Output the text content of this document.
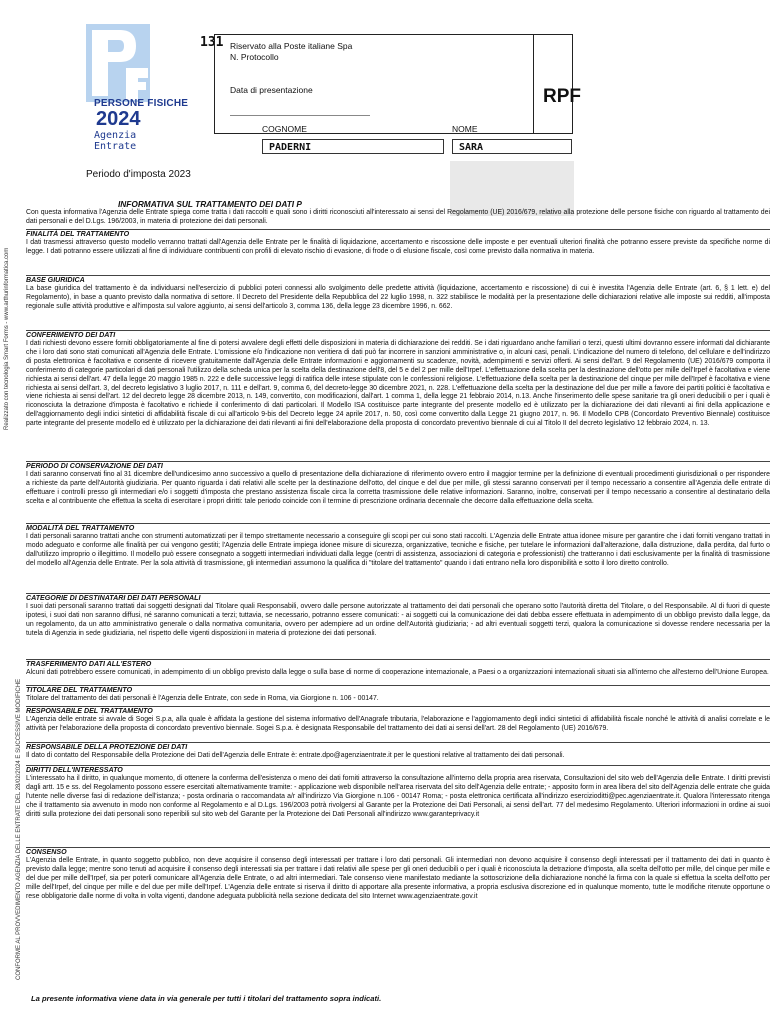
PERSONE FISICHE
2024
Agenzia
Entrate
131 Riservato alla Poste italiane Spa
N. Protocollo
Data di presentazione	RPF
COGNOME	NOME
PADERNI	SARA
Periodo d'imposta 2023
INFORMATIVA SUL TRATTAMENTO DEI DATI P
Con questa informativa l'Agenzia delle Entrate spiega come tratta i dati raccolti e quali sono i diritti riconosciuti all'interessato ai sensi del Regolamento (UE) 2016/679, relativo alla protezione delle persone fisiche con riguardo al trattamento dei dati personali e del D.Lgs. 196/2003, in materia di protezione dei dati personali.
FINALITÀ DEL TRATTAMENTO
I dati trasmessi attraverso questo modello verranno trattati dall'Agenzia delle Entrate per le finalità di liquidazione, accertamento e riscossione delle imposte e per eventuali ulteriori finalità che potranno essere previste da specifiche norme di legge. I dati potranno essere utilizzati al fine di individuare contribuenti con profili di elevato rischio di evasione, di frode o di elusione fiscale, così come previsto dalla normativa in materia.
BASE GIURIDICA
La base giuridica del trattamento è da individuarsi nell'esercizio di pubblici poteri connessi allo svolgimento delle predette attività (liquidazione, accertamento e riscossione) di cui è investita l'Agenzia delle Entrate (art. 6, § 1 lett. e) del Regolamento), in base a quanto previsto dalla normativa di settore. Il Decreto del Presidente della Repubblica del 22 luglio 1998, n. 322 stabilisce le modalità per la presentazione delle dichiarazioni relative alle imposte sui redditi, all'imposta regionale sulle attività produttive e all'imposta sul valore aggiunto, ai sensi dell'articolo 3, comma 136, della legge 23 dicembre 1996, n. 662.
CONFERIMENTO DEI DATI
I dati richiesti devono essere forniti obbligatoriamente al fine di potersi avvalere degli effetti delle disposizioni in materia di dichiarazione dei redditi. Se i dati riguardano anche familiari o terzi, questi ultimi dovranno essere informati dal dichiarante che i loro dati sono stati comunicati all'Agenzia delle Entrate. L'omissione e/o l'indicazione non veritiera di dati può far incorrere in sanzioni amministrative o, in alcuni casi, penali. L'indicazione del numero di telefono, del cellulare e dell'indirizzo di posta elettronica è facoltativa e consente di ricevere gratuitamente dall'Agenzia delle Entrate informazioni e aggiornamenti su scadenze, novità, adempimenti e servizi offerti. Ai sensi dell'art. 9 del Regolamento (UE) 2016/679 comporta il conferimento di categorie particolari di dati personali l'utilizzo della scheda unica per la scelta della destinazione dell'8, del 5 e del 2 per mille dell'Irpef. L'effettuazione della scelta per la destinazione dell'otto per mille dell'Irpef è facoltativa e viene richiesta ai sensi dell'art. 47 della legge 20 maggio 1985 n. 222 e delle successive leggi di ratifica delle intese stipulate con le confessioni religiose. L'effettuazione della scelta per la destinazione del cinque per mille dell'Irpef è facoltativa e viene richiesta ai sensi dell'art. 3, del decreto legislativo 3 luglio 2017, n. 111 e dell'art. 9, comma 6, del decreto-legge 30 dicembre 2021, n. 228. L'effettuazione della scelta per la destinazione del due per mille a favore dei partiti politici è facoltativa e viene richiesta ai sensi dell'art. 12 del decreto legge 28 dicembre 2013, n. 149, convertito, con modificazioni, dall'art. 1 comma 1, della legge 21 febbraio 2014, n.13. Anche l'inserimento delle spese sanitarie tra gli oneri deducibili o per i quali è riconosciuta la detrazione d'imposta è facoltativo e richiede il conferimento di dati particolari. Il Modello ISA costituisce parte integrante del presente modello ed è utilizzato per la dichiarazione dei dati rilevanti ai fini della applicazione e dell'aggiornamento degli indici sintetici di affidabilità fiscale di cui all'articolo 9-bis del Decreto legge 24 aprile 2017, n. 50, così come convertito dalla Legge 21 giugno 2017, n. 96. Il Modello CPB (Concordato Preventivo Biennale) costituisce parte integrante del presente modello ed è utilizzato per la dichiarazione dei dati rilevanti ai fini dell'elaborazione della proposta di concordato preventivo biennale di cui al Titolo II del decreto legislativo 12 febbraio 2024, n. 13.
PERIODO DI CONSERVAZIONE DEI DATI
I dati saranno conservati fino al 31 dicembre dell'undicesimo anno successivo a quello di presentazione della dichiarazione di riferimento ovvero entro il maggior termine per la definizione di eventuali procedimenti giurisdizionali o per rispondere a richieste da parte dell'Autorità giudiziaria. Per quanto riguarda i dati relativi alle scelte per la destinazione dell'otto, del cinque e del due per mille, gli stessi saranno conservati per il tempo necessario a consentire all'Agenzia delle entrate di effettuare i controlli presso gli intermediari e/o i soggetti d'imposta che prestano assistenza fiscale circa la corretta trasmissione delle relative informazioni. Saranno, inoltre, conservati per il tempo necessario a consentire al destinatario della scelta e al contribuente che effettua la scelta di esercitare i propri diritti: tale periodo coincide con il termine di prescrizione ordinaria decennale che decorre dalla effettuazione della scelta.
MODALITÀ DEL TRATTAMENTO
I dati personali saranno trattati anche con strumenti automatizzati per il tempo strettamente necessario a conseguire gli scopi per cui sono stati raccolti. L'Agenzia delle Entrate attua idonee misure per garantire che i dati forniti vengano trattati in modo adeguato e conforme alle finalità per cui vengono gestiti; l'Agenzia delle Entrate impiega idonee misure di sicurezza, organizzative, tecniche e fisiche, per tutelare le informazioni dall'alterazione, dalla distruzione, dalla perdita, dal furto o dall'utilizzo improprio o illegittimo. Il modello può essere consegnato a soggetti intermediari individuati dalla legge (centri di assistenza, associazioni di categoria e professionisti) che tratteranno i dati esclusivamente per la finalità di trasmissione del modello all'Agenzia delle Entrate. Per la sola attività di trasmissione, gli intermediari assumono la qualifica di "titolare del trattamento" quando i dati entrano nella loro disponibilità e sotto il loro diretto controllo.
CATEGORIE DI DESTINATARI DEI DATI PERSONALI
I suoi dati personali saranno trattati dai soggetti designati dal Titolare quali Responsabili, ovvero dalle persone autorizzate al trattamento dei dati personali che operano sotto l'autorità diretta del Titolare, o del Responsabile. Al di fuori di queste ipotesi, i suoi dati non saranno diffusi, né saranno comunicati a terzi; tuttavia, se necessario, potranno essere comunicati: - ai soggetti cui la comunicazione dei dati debba essere effettuata in adempimento di un obbligo previsto dalla legge, da un regolamento, da un atto amministrativo generale o dalla normativa comunitaria, ovvero per adempiere ad un ordine dell'Autorità giudiziaria; - ad altri eventuali soggetti terzi, qualora la comunicazione si dovesse rendere necessaria per la tutela di Agenzia in sede giudiziaria, nel rispetto delle vigenti disposizioni in materia di protezione dei dati personali.
TRASFERIMENTO DATI ALL'ESTERO
Alcuni dati potrebbero essere comunicati, in adempimento di un obbligo previsto dalla legge o sulla base di norme di cooperazione internazionale, a Paesi o a organizzazioni internazionali situati sia all'interno che all'esterno dell'Unione Europea.
TITOLARE DEL TRATTAMENTO
Titolare del trattamento dei dati personali è l'Agenzia delle Entrate, con sede in Roma, via Giorgione n. 106 - 00147.
RESPONSABILE DEL TRATTAMENTO
L'Agenzia delle entrate si avvale di Sogei S.p.a, alla quale è affidata la gestione del sistema informativo dell'Anagrafe tributaria, l'elaborazione e l'aggiornamento degli indici sintetici di affidabilità fiscale nonché le attività di analisi correlate e le attività per l'elaborazione della proposta di concordato preventivo biennale. Sogei S.p.a. è designata Responsabile del trattamento dei dati ai sensi dell'art. 28 del Regolamento (UE) 2016/679.
RESPONSABILE DELLA PROTEZIONE DEI DATI
Il dato di contatto del Responsabile della Protezione dei Dati dell'Agenzia delle Entrate è: entrate.dpo@agenziaentrate.it per le questioni relative al trattamento dei dati personali.
DIRITTI DELL'INTERESSATO
L'interessato ha il diritto, in qualunque momento, di ottenere la conferma dell'esistenza o meno dei dati forniti attraverso la consultazione all'interno della propria area riservata, Consultazioni del sito web dell'Agenzia delle Entrate. I diritti previsti dagli artt. 15 e ss. del Regolamento possono essere esercitati alternativamente tramite: - applicazione web disponibile nell'area riservata del sito dell'Agenzia delle entrate; - apposito form in area libera del sito dell'Agenzia delle entrate che guida l'utente nelle diverse fasi di redazione dell'istanza; - posta ordinaria o raccomandata a/r all'indirizzo Via Giorgione n.106 - 00147 Roma; - posta elettronica certificata all'indirizzo esercizioditti@pec.agenziaentrate.it. Qualora l'interessato ritenga che il trattamento sia avvenuto in modo non conforme al Regolamento e al D.Lgs. 196/2003 potrà rivolgersi al Garante per la Protezione dei Dati Personali, ai sensi dell'art. 77 del medesimo Regolamento. Ulteriori informazioni in ordine ai suoi diritti sulla protezione dei dati personali sono reperibili sul sito web del Garante per la Protezione dei Dati Personali all'indirizzo www.garanteprivacy.it
CONSENSO
L'Agenzia delle Entrate, in quanto soggetto pubblico, non deve acquisire il consenso degli interessati per trattare i loro dati personali. Gli intermediari non devono acquisire il consenso degli interessati per il trattamento dei dati in quanto è previsto dalla legge; mentre sono tenuti ad acquisire il consenso degli interessati sia per trattare i dati relativi alle spese per gli oneri deducibili o per i quali è riconosciuta la detrazione d'imposta, alla scelta dell'otto per mille, del cinque per mille e del due per mille dell'Irpef, sia per poterli comunicare all'Agenzia delle Entrate, o ad altri intermediari. Tale consenso viene manifestato mediante la sottoscrizione della dichiarazione nonché la firma con la quale si effettua la scelta dell'otto per mille dell'Irpef, del cinque per mille e del due per mille dell'Irpef. L'Agenzia delle entrate si riserva il diritto di apportare alla presente informativa, a propria esclusiva discrezione ed in qualunque momento, tutte le modifiche ritenute opportune o rese obbligatorie dalle norme di volta in volta vigenti, dandone adeguata pubblicità nella sezione dedicata del sito Internet www.agenziaentrate.gov.it
La presente informativa viene data in via generale per tutti i titolari del trattamento sopra indicati.
Realizzato con tecnologia Smart Forms - www.arthurinformatica.com
CONFORME AL PROVVEDIMENTO AGENZIA DELLE ENTRATE DEL 28/02/2024 E SUCCESSIVE MODIFICHE
